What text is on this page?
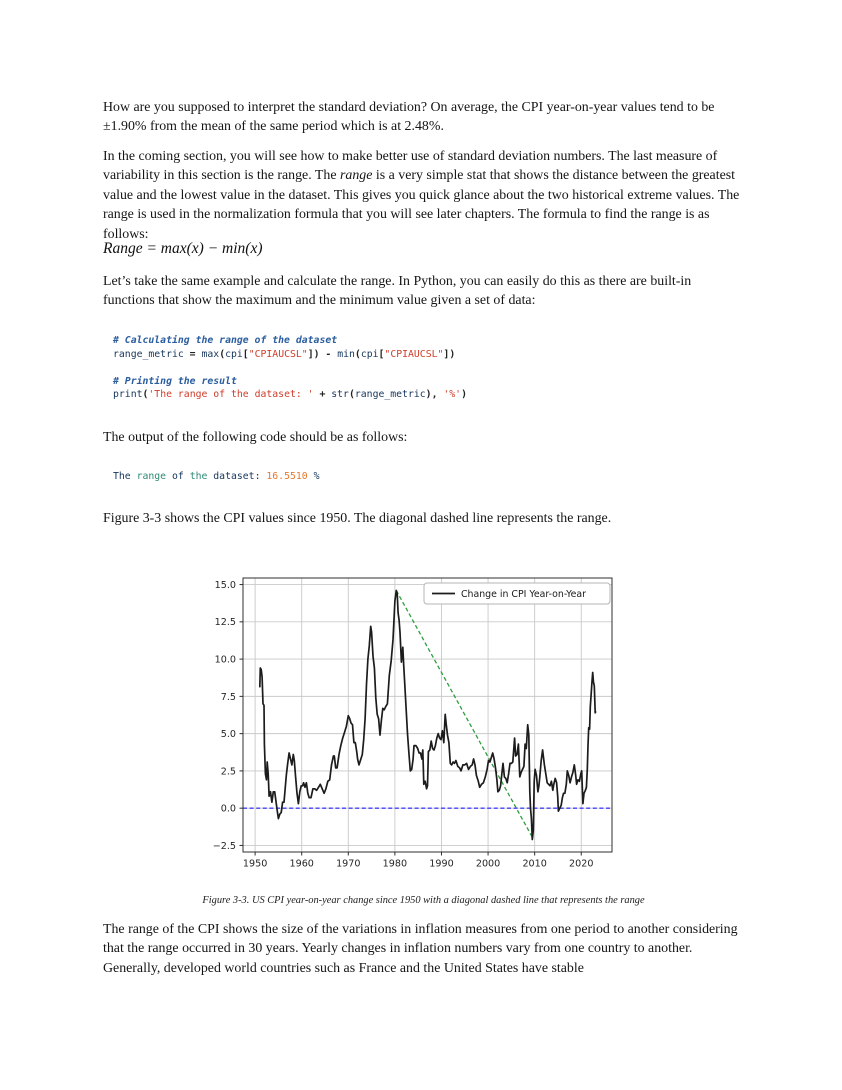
How are you supposed to interpret the standard deviation? On average, the CPI year-on-year values tend to be ±1.90% from the mean of the same period which is at 2.48%.

In the coming section, you will see how to make better use of standard deviation numbers. The last measure of variability in this section is the range. The range is a very simple stat that shows the distance between the greatest value and the lowest value in the dataset. This gives you quick glance about the two historical extreme values. The range is used in the normalization formula that you will see later chapters. The formula to find the range is as follows:

Range = max(x) − min(x)

Let’s take the same example and calculate the range. In Python, you can easily do this as there are built-in functions that show the maximum and the minimum value given a set of data:

# Calculating the range of the dataset
range_metric = max(cpi["CPIAUCSL"]) - min(cpi["CPIAUCSL"])

# Printing the result
print('The range of the dataset: ' + str(range_metric), '%')

The output of the following code should be as follows:

The range of the dataset: 16.5510 %

Figure 3-3 shows the CPI values since 1950. The diagonal dashed line represents the range.

1950 1960 1970 1980 1990 2000 2010 2020
−2.5
0.0
2.5
5.0
7.5
10.0
12.5
15.0
Change in CPI Year-on-Year

Figure 3-3. US CPI year-on-year change since 1950 with a diagonal dashed line that represents the range

The range of the CPI shows the size of the variations in inflation measures from one period to another considering that the range occurred in 30 years. Yearly changes in inflation numbers vary from one country to another. Generally, developed world countries such as France and the United States have stable
